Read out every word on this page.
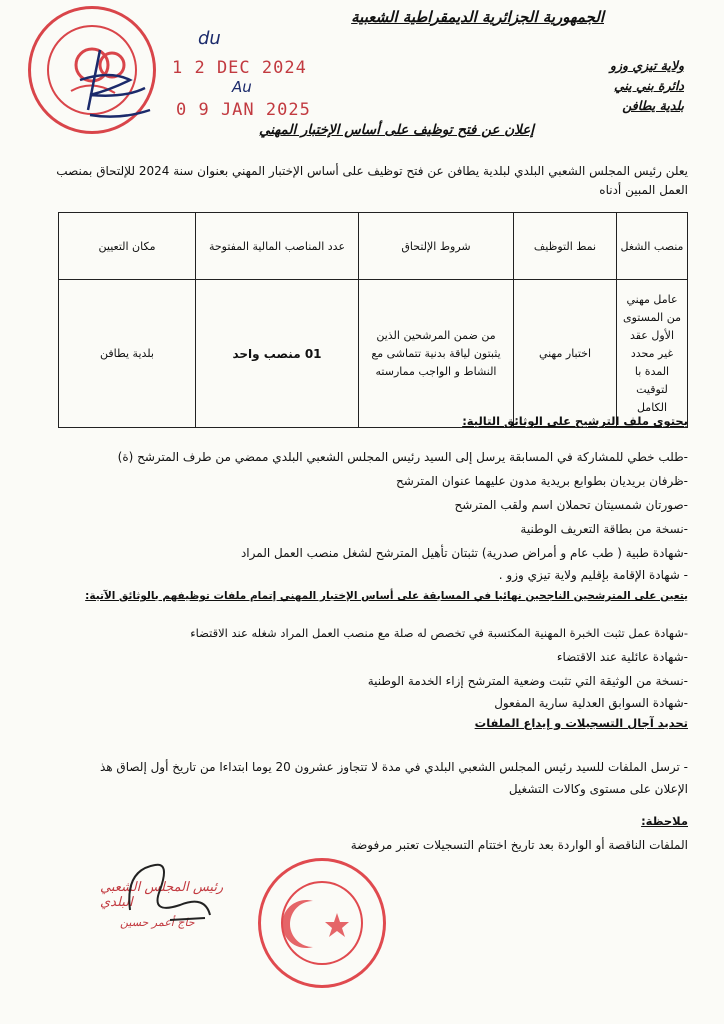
1 2 DEC 2024
0 9 JAN 2025
du
Au
الجمهورية الجزائرية الديمقراطية الشعبية
ولاية تيزي وزو
دائرة بني يني
بلدية يطافن
إعلان عن فتح توظيف على أساس الإختبار المهني
يعلن رئيس المجلس الشعبي البلدي لبلدية يطافن عن فتح توظيف على أساس الإختبار المهني بعنوان سنة 2024 للإلتحاق بمنصب العمل المبين أدناه
منصب الشغل	نمط التوظيف	شروط الإلتحاق	عدد المناصب المالية المفتوحة	مكان التعيين
عامل مهني من المستوى الأول عقد غير محدد المدة با لتوقيت الكامل	اختبار مهني	من ضمن المرشحين الذين يثبتون لياقة بدنية تتماشى مع النشاط و الواجب ممارسته	01 منصب واحد	بلدية يطافن
يحتوي ملف الترشيح على الوثائق التالية:
-طلب خطي للمشاركة في المسابقة يرسل إلى السيد رئيس المجلس الشعبي البلدي ممضي من طرف المترشح (ة)
-ظرفان بريديان بطوابع بريدية مدون عليهما عنوان المترشح
-صورتان شمسيتان تحملان اسم ولقب المترشح
-نسخة من بطاقة التعريف الوطنية
-شهادة طبية ( طب عام و أمراض صدرية) تثبتان تأهيل المترشح لشغل منصب العمل المراد
- شهادة الإقامة بإقليم ولاية تيزي وزو .
يتعين على المترشحين الناجحين نهائيا في المسابقة على أساس الإختبار المهني إتمام ملفات توظيفهم بالوثائق الآتية:
-شهادة عمل تثبت الخبرة المهنية المكتسبة في تخصص له صلة مع منصب العمل المراد شغله عند الاقتضاء
-شهادة عائلية عند الاقتضاء
-نسخة من الوثيقة التي تثبت وضعية المترشح إزاء الخدمة الوطنية
-شهادة السوابق العدلية سارية المفعول
تحديد آجال التسجيلات و إيداع الملفات
- ترسل الملفات للسيد رئيس المجلس الشعبي البلدي في مدة لا تتجاوز عشرون 20 يوما ابتداءا من تاريخ أول إلصاق هذ الإعلان على مستوى وكالات التشغيل
ملاحظة:
الملفات الناقصة أو الواردة بعد تاريخ اختتام التسجيلات تعتبر مرفوضة
رئيس المجلس الشعبي البلدي
حاج أعمر حسين
